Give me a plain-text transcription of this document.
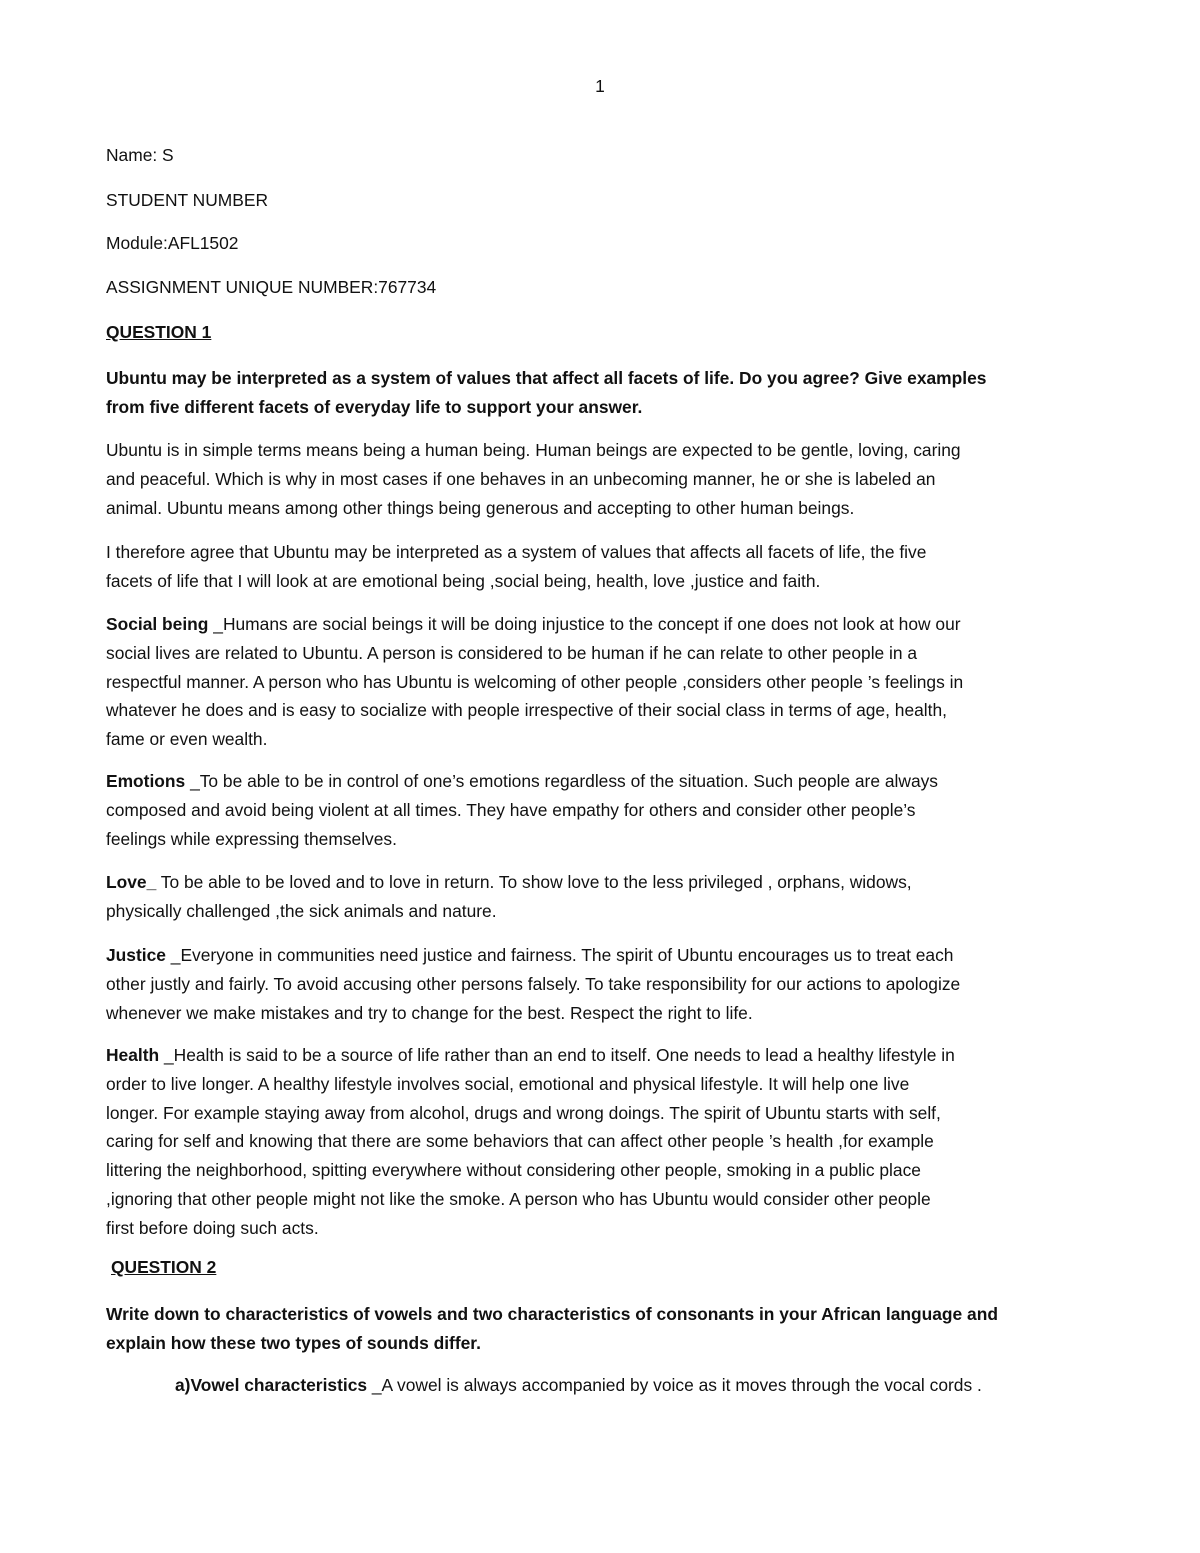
1
Name: S
STUDENT NUMBER
Module:AFL1502
ASSIGNMENT UNIQUE NUMBER:767734
QUESTION 1
Ubuntu may be interpreted as a system of values that affect all facets of life. Do you agree? Give examples
from five different facets of everyday life to support your answer.
Ubuntu is in simple terms means being a human being. Human beings are expected to be gentle, loving, caring
and peaceful. Which is why in most cases if one behaves in an unbecoming manner, he or she is labeled an
animal. Ubuntu means among other things being generous and accepting to other human beings.
I therefore agree that Ubuntu may be interpreted as a system of values that affects all facets of life, the five
facets of life that I will look at are emotional being ,social being, health, love ,justice and faith.
Social being _Humans are social beings it will be doing injustice to the concept if one does not look at how our
social lives are related to Ubuntu. A person is considered to be human if he can relate to other people in a
respectful manner. A person who has Ubuntu is welcoming of other people ,considers other people ’s feelings in
whatever he does and is easy to socialize with people irrespective of their social class in terms of age, health,
fame or even wealth.
Emotions _To be able to be in control of one’s emotions regardless of the situation. Such people are always
composed and avoid being violent at all times. They have empathy for others and consider other people’s
feelings while expressing themselves.
Love_ To be able to be loved and to love in return. To show love to the less privileged , orphans, widows,
physically challenged ,the sick animals and nature.
Justice _Everyone in communities need justice and fairness. The spirit of Ubuntu encourages us to treat each
other justly and fairly. To avoid accusing other persons falsely. To take responsibility for our actions to apologize
whenever we make mistakes and try to change for the best. Respect the right to life.
Health _Health is said to be a source of life rather than an end to itself. One needs to lead a healthy lifestyle in
order to live longer. A healthy lifestyle involves social, emotional and physical lifestyle. It will help one live
longer. For example staying away from alcohol, drugs and wrong doings. The spirit of Ubuntu starts with self,
caring for self and knowing that there are some behaviors that can affect other people ’s health ,for example
littering the neighborhood, spitting everywhere without considering other people, smoking in a public place
,ignoring that other people might not like the smoke. A person who has Ubuntu would consider other people
first before doing such acts.
QUESTION 2
Write down to characteristics of vowels and two characteristics of consonants in your African language and
explain how these two types of sounds differ.
a)Vowel characteristics _A vowel is always accompanied by voice as it moves through the vocal cords .
